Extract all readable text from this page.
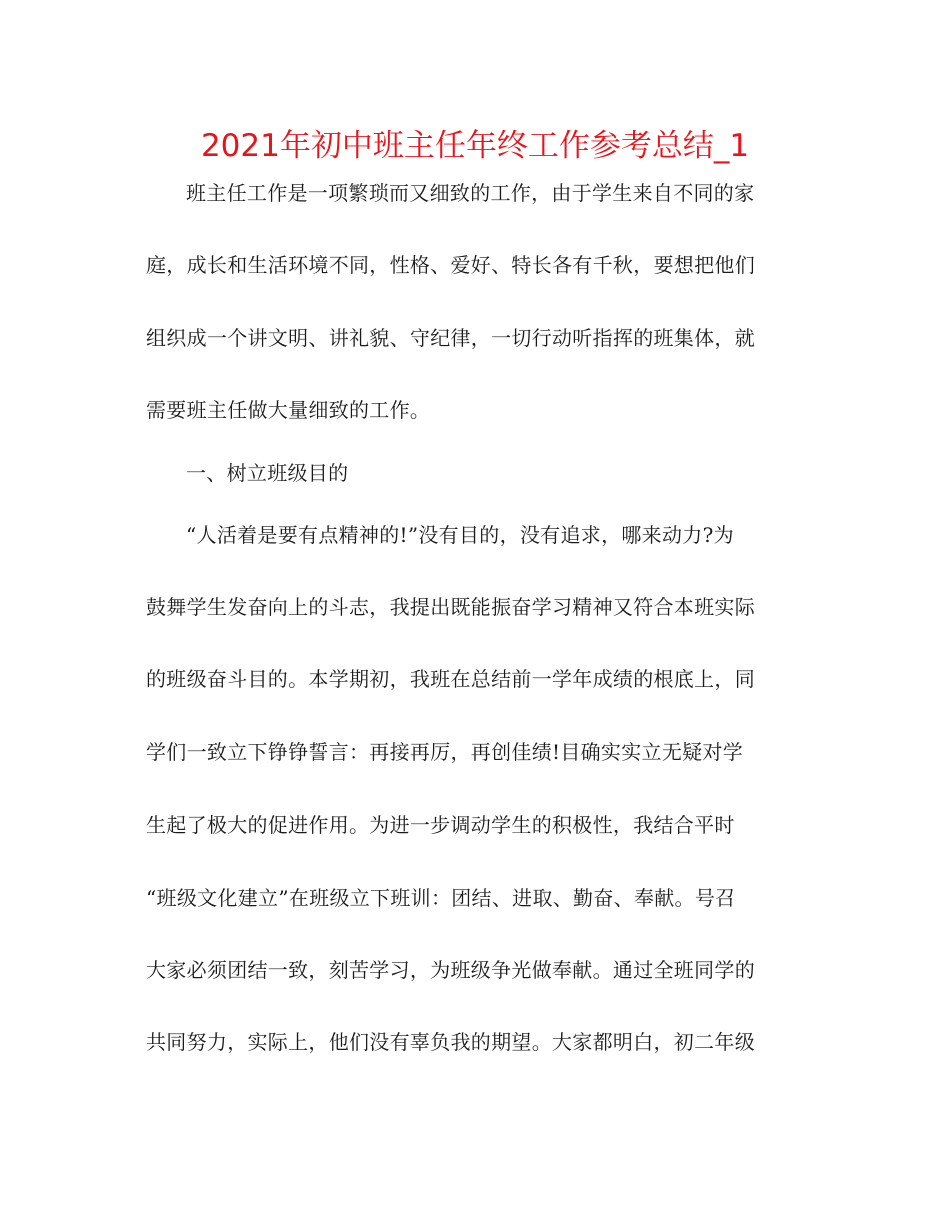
2021年初中班主任年终工作参考总结_1
班主任工作是一项繁琐而又细致的工作，由于学生来自不同的家
庭，成长和生活环境不同，性格、爱好、特长各有千秋，要想把他们
组织成一个讲文明、讲礼貌、守纪律，一切行动听指挥的班集体，就
需要班主任做大量细致的工作。
一、树立班级目的
“人活着是要有点精神的!”没有目的，没有追求，哪来动力?为
鼓舞学生发奋向上的斗志，我提出既能振奋学习精神又符合本班实际
的班级奋斗目的。本学期初，我班在总结前一学年成绩的根底上，同
学们一致立下铮铮誓言：再接再厉，再创佳绩!目确实实立无疑对学
生起了极大的促进作用。为进一步调动学生的积极性，我结合平时
“班级文化建立”在班级立下班训：团结、进取、勤奋、奉献。号召
大家必须团结一致，刻苦学习，为班级争光做奉献。通过全班同学的
共同努力，实际上，他们没有辜负我的期望。大家都明白，初二年级
